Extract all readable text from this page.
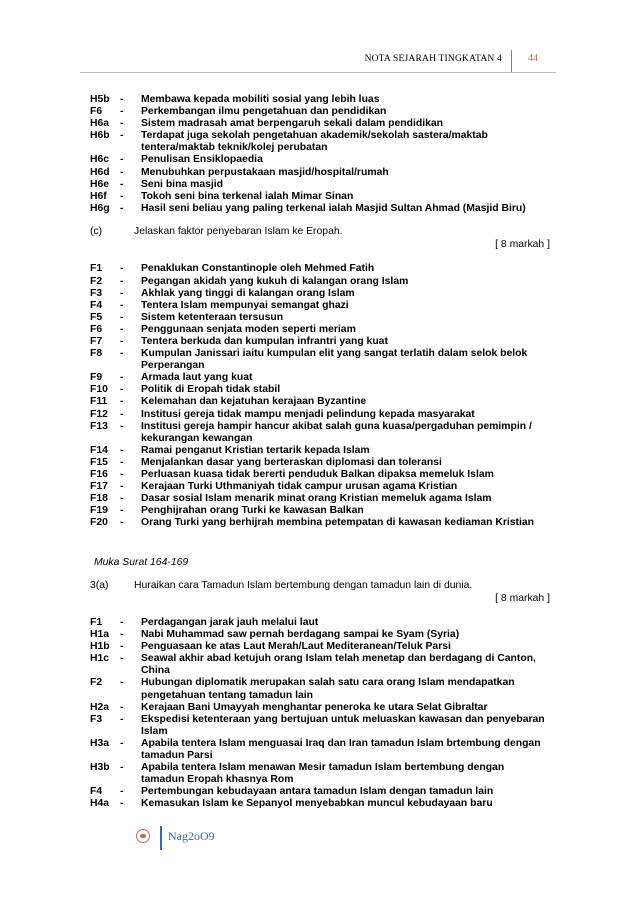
NOTA SEJARAH TINGKATAN 4	44
H5b -	Membawa kepada mobiliti sosial yang lebih luas
F6	-	Perkembangan ilmu pengetahuan dan pendidikan
H6a	-	Sistem madrasah amat berpengaruh sekali dalam pendidikan
H6b -	Terdapat juga sekolah pengetahuan akademik/sekolah sastera/maktab tentera/maktab teknik/kolej perubatan
H6c	-	Penulisan Ensiklopaedia
H6d -	Menubuhkan perpustakaan masjid/hospital/rumah
H6e	-	Seni bina masjid
H6f	-	Tokoh seni bina terkenal ialah Mimar Sinan
H6g -	Hasil seni beliau yang paling terkenal ialah Masjid Sultan Ahmad (Masjid Biru)
(c)	Jelaskan faktor penyebaran Islam ke Eropah.
[ 8 markah ]
F1	-	Penaklukan Constantinople oleh Mehmed Fatih
F2	-	Pegangan akidah yang kukuh di kalangan orang Islam
F3	-	Akhlak yang tinggi di kalangan orang Islam
F4	-	Tentera Islam mempunyai semangat ghazi
F5	-	Sistem ketenteraan tersusun
F6	-	Penggunaan senjata moden seperti meriam
F7	-	Tentera berkuda dan kumpulan infrantri yang kuat
F8	-	Kumpulan Janissari iaitu kumpulan elit yang sangat terlatih dalam selok belok Perperangan
F9	-	Armada laut yang kuat
F10	-	Politik di Eropah tidak stabil
F11	-	Kelemahan dan kejatuhan kerajaan Byzantine
F12	-	Institusi gereja tidak mampu menjadi pelindung kepada masyarakat
F13	-	Institusi gereja hampir hancur akibat salah guna kuasa/pergaduhan pemimpin / kekurangan kewangan
F14	-	Ramai penganut Kristian tertarik kepada Islam
F15	-	Menjalankan dasar yang berteraskan diplomasi dan toleransi
F16	-	Perluasan kuasa tidak bererti penduduk Balkan dipaksa memeluk Islam
F17	-	Kerajaan Turki Uthmaniyah tidak campur urusan agama Kristian
F18	-	Dasar sosial Islam menarik minat orang Kristian memeluk agama Islam
F19	-	Penghijrahan orang Turki ke kawasan Balkan
F20	-	Orang Turki yang berhijrah membina petempatan di kawasan kediaman Kristian
Muka Surat 164-169
3(a)	Huraikan cara Tamadun Islam bertembung dengan tamadun lain di dunia.
[ 8 markah ]
F1	-	Perdagangan jarak jauh melalui laut
H1a	-	Nabi Muhammad saw pernah berdagang sampai ke Syam (Syria)
H1b -	Penguasaan ke atas Laut Merah/Laut Mediteranean/Teluk Parsi
H1c	-	Seawal akhir abad ketujuh orang Islam telah menetap dan berdagang di Canton, China
F2	-	Hubungan diplomatik merupakan salah satu cara orang Islam mendapatkan pengetahuan tentang tamadun lain
H2a	-	Kerajaan Bani Umayyah menghantar peneroka ke utara Selat Gibraltar
F3	-	Ekspedisi ketenteraan yang bertujuan untuk meluaskan kawasan dan penyebaran Islam
H3a	-	Apabila tentera Islam menguasai Iraq dan Iran tamadun Islam brtembung dengan tamadun Parsi
H3b -	Apabila tentera Islam menawan Mesir tamadun Islam bertembung dengan tamadun Eropah khasnya Rom
F4	-	Pertembungan kebudayaan antara tamadun Islam dengan tamadun lain
H4a	-	Kemasukan Islam ke Sepanyol menyebabkan muncul kebudayaan baru
Nag2oO9
